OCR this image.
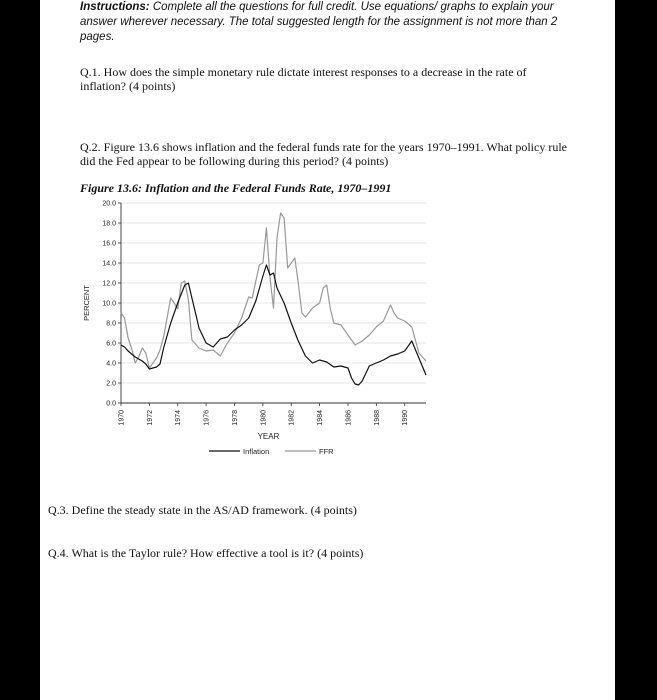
Instructions: Complete all the questions for full credit. Use equations/ graphs to explain your answer wherever necessary. The total suggested length for the assignment is not more than 2 pages.
Q.1. How does the simple monetary rule dictate interest responses to a decrease in the rate of inflation? (4 points)
Q.2. Figure 13.6 shows inflation and the federal funds rate for the years 1970–1991. What policy rule did the Fed appear to be following during this period? (4 points)
Figure 13.6: Inflation and the Federal Funds Rate, 1970–1991
0.0
2.0
4.0
6.0
8.0
10.0
12.0
14.0
16.0
18.0
20.0
1970	1972	1974	1976	1978	1980	1982	1984	1986	1988	1990
PERCENT
YEAR
Inflation	FFR
Q.3. Define the steady state in the AS/AD framework. (4 points)
Q.4. What is the Taylor rule? How effective a tool is it? (4 points)
